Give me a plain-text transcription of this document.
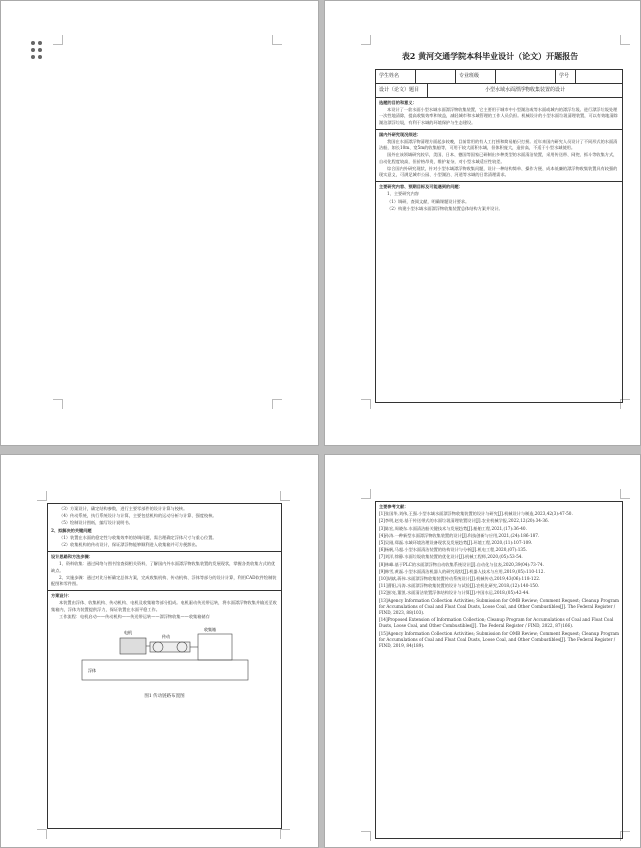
表2 黄河交通学院本科毕业设计（论文）开题报告
学生姓名	专业班级	学号
设计（论文）题目	小型水域水面漂浮物收集装置的设计

选题的目的和意义：

本设计了一款水面小型水域水面漂浮物收集装置，它主要用于城市中小型湖泊或等水面或城内的漂浮垃圾。进行漂浮垃圾处理一次性地清除，提高收集效率和效益，减轻城市和水域管理的工作人员负担。机械设计的小型水面垃圾清理装置，可以有效地清除湖泊漂浮垃圾，有利于水域的环境保护与生态建设。

国内外研究现况综述：

我国在水面漂浮物清理方面起步较晚，目前常用的有人工打捞和简易船只打捞。近年来国内研究人员设计了不同形式的水面清洁船，如长10m、宽5m的收集船等，可用于较大面积水域，但体积庞大，造价高，不适于小型水域使用。

国外在该领域研究较早，美国、日本、德国等国家已研制出多种类型的水面清洁装置，采用传送带、网兜、抓斗等收集方式，自动化程度较高，但价格昂贵，维护复杂，对小型水域适应性较差。

综合国内外研究现状，针对小型水域漂浮物收集问题，设计一种结构简单、操作方便、成本低廉的漂浮物收集装置具有较强的现实意义，可满足城市公园、小型湖泊、河道等水域的日常清理需求。

主要研究内容、预期目标及可能遇到的问题：

1、主要研究内容

（1）调研，查阅文献，明确课题设计要求。

（2）构建小型水域水面漂浮物收集装置总体结构方案并设计。

（3）方案设计，确定结构参数，进行主要零部件的设计计算与校核。

（4）传动系统，执行系统设计与计算，主要包括机构的运动分析与计算、强度校核。

（5）绘制设计图纸，编写设计说明书。

2、拟解决的关键问题

（1）装置在水面的稳定性与收集效率的协调问题，需合理确定浮体尺寸与重心位置。

（2）收集机构的传动设计，保证漂浮物能够顺利进入收集箱并可方便卸出。

设计思路和方法步骤：

1、资料收集：通过网络与图书馆查阅相关资料，了解国内外水面漂浮物收集装置的发展现状，掌握各类收集方式的优缺点。

2、实施步骤：通过对比分析确定总体方案，完成收集机构、传动机构、浮体等部分的设计计算，利用CAD软件绘制装配图和零件图。

方案设计：

本装置由浮体、收集机构、传动机构、电机及收集箱等部分组成。电机驱动传送带运转，将水面漂浮物收集并输送至收集箱内，浮体为装置提供浮力，保证装置在水面平稳工作。

工作流程：电机启动——传动机构——传送带运转——漂浮物收集——收集箱储存

电机
传动
收集箱
浮体
图1 传动链路布置图

主要参考文献：

[1]张国华,刘伟,王强.小型水域水面漂浮物收集装置的设计与研究[J].机械设计与制造,2023,42(3):47-50.

[2]李明,赵亮.基于传送带式的水面垃圾清理装置设计[J].农业机械学报,2022,12(20):34-36.

[3]陈宏,周晓东.水面清洁船关键技术与发展趋势[J].船舶工程,2021,(17):36-40.

[4]孙涛.一种新型水面漂浮物收集装置的设计[J].科技创新与应用,2021,(24):186-187.

[5]吴刚,郑磊.水域环境治理设备现状及发展趋势[J].环境工程,2020,(11):107-109.

[6]杨帆,马超.小型水面清洁装置的结构设计与分析[J].机电工程,2020,(07):135.

[7]刘洋,徐静.水面垃圾收集装置的优化设计[J].机械工程师,2020,(05):53-54.

[8]林峰.基于PLC的水面漂浮物自动收集系统设计[J].自动化与仪表,2020,39(04):73-74.

[9]韩雪,黄磊.小型水面清洁机器人的研究现状[J].机器人技术与应用,2019,(05):110-112.

[10]胡斌,蒋伟.水面漂浮物收集装置传动系统设计[J].机械传动,2019,43(06):118-122.

[11]曹阳,冯涛.水面漂浮物收集装置的设计与试验[J].农机化研究,2018,(12):140-150.

[12]彭亮,董凯.水面清洁装置浮体结构设计与计算[J].中国水运,2018,(05):42-44.

[13]Agency Information Collection Activities; Submission for OMB Review; Comment Request; Cleanup Program for Accumulations of Coal and Float Coal Dusts, Loose Coal, and Other Combustibles[J]. The Federal Register / FIND, 2023, 88(103).

[14]Proposed Extension of Information Collection; Cleanup Program for Accumulations of Coal and Float Coal Dusts, Loose Coal, and Other Combustibles[J]. The Federal Register / FIND, 2022, 87(166).

[15]Agency Information Collection Activities; Submission for OMB Review; Comment Request; Cleanup Program for Accumulations of Coal and Float Coal Dusts, Loose Coal, and Other Combustibles[J]. The Federal Register / FIND, 2019, 84(189).
